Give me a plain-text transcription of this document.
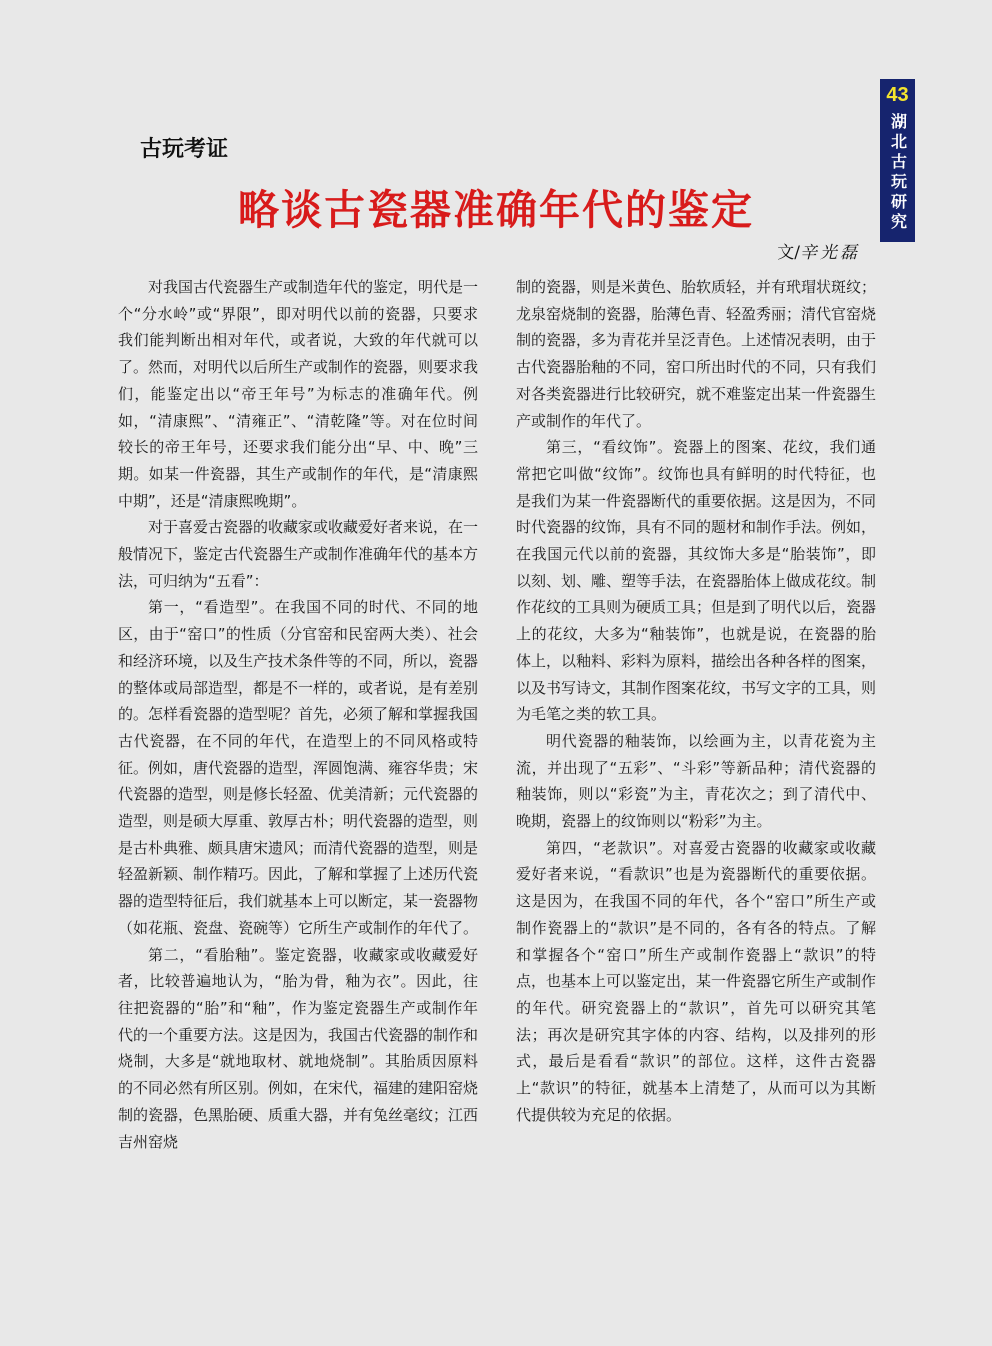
43
湖北古玩研究
古玩考证
略谈古瓷器准确年代的鉴定
文/辛光磊

对我国古代瓷器生产或制造年代的鉴定，明代是一个“分水岭”或“界限”，即对明代以前的瓷器，只要求我们能判断出相对年代，或者说，大致的年代就可以了。然而，对明代以后所生产或制作的瓷器，则要求我们，能鉴定出以“帝王年号”为标志的准确年代。例如，“清康熙”、“清雍正”、“清乾隆”等。对在位时间较长的帝王年号，还要求我们能分出“早、中、晚”三期。如某一件瓷器，其生产或制作的年代，是“清康熙中期”，还是“清康熙晚期”。

对于喜爱古瓷器的收藏家或收藏爱好者来说，在一般情况下，鉴定古代瓷器生产或制作准确年代的基本方法，可归纳为“五看”：

第一，“看造型”。在我国不同的时代、不同的地区，由于“窑口”的性质（分官窑和民窑两大类）、社会和经济环境，以及生产技术条件等的不同，所以，瓷器的整体或局部造型，都是不一样的，或者说，是有差别的。怎样看瓷器的造型呢？首先，必须了解和掌握我国古代瓷器，在不同的年代，在造型上的不同风格或特征。例如，唐代瓷器的造型，浑圆饱满、雍容华贵；宋代瓷器的造型，则是修长轻盈、优美清新；元代瓷器的造型，则是硕大厚重、敦厚古朴；明代瓷器的造型，则是古朴典雅、颇具唐宋遗风；而清代瓷器的造型，则是轻盈新颖、制作精巧。因此，了解和掌握了上述历代瓷器的造型特征后，我们就基本上可以断定，某一瓷器物（如花瓶、瓷盘、瓷碗等）它所生产或制作的年代了。

第二，“看胎釉”。鉴定瓷器，收藏家或收藏爱好者，比较普遍地认为，“胎为骨，釉为衣”。因此，往往把瓷器的“胎”和“釉”，作为鉴定瓷器生产或制作年代的一个重要方法。这是因为，我国古代瓷器的制作和烧制，大多是“就地取材、就地烧制”。其胎质因原料的不同必然有所区别。例如，在宋代，福建的建阳窑烧制的瓷器，色黑胎硬、质重大器，并有兔丝毫纹；江西吉州窑烧

制的瓷器，则是米黄色、胎软质轻，并有玳瑁状斑纹；龙泉窑烧制的瓷器，胎薄色青、轻盈秀丽；清代官窑烧制的瓷器，多为青花并呈泛青色。上述情况表明，由于古代瓷器胎釉的不同，窑口所出时代的不同，只有我们对各类瓷器进行比较研究，就不难鉴定出某一件瓷器生产或制作的年代了。

第三，“看纹饰”。瓷器上的图案、花纹，我们通常把它叫做“纹饰”。纹饰也具有鲜明的时代特征，也是我们为某一件瓷器断代的重要依据。这是因为，不同时代瓷器的纹饰，具有不同的题材和制作手法。例如，在我国元代以前的瓷器，其纹饰大多是“胎装饰”，即以刻、划、雕、塑等手法，在瓷器胎体上做成花纹。制作花纹的工具则为硬质工具；但是到了明代以后，瓷器上的花纹，大多为“釉装饰”，也就是说，在瓷器的胎体上，以釉料、彩料为原料，描绘出各种各样的图案，以及书写诗文，其制作图案花纹，书写文字的工具，则为毛笔之类的软工具。

明代瓷器的釉装饰，以绘画为主，以青花瓷为主流，并出现了“五彩”、“斗彩”等新品种；清代瓷器的釉装饰，则以“彩瓷”为主，青花次之；到了清代中、晚期，瓷器上的纹饰则以“粉彩”为主。

第四，“老款识”。对喜爱古瓷器的收藏家或收藏爱好者来说，“看款识”也是为瓷器断代的重要依据。这是因为，在我国不同的年代，各个“窑口”所生产或制作瓷器上的“款识”是不同的，各有各的特点。了解和掌握各个“窑口”所生产或制作瓷器上“款识”的特点，也基本上可以鉴定出，某一件瓷器它所生产或制作的年代。研究瓷器上的“款识”，首先可以研究其笔法；再次是研究其字体的内容、结构，以及排列的形式，最后是看看“款识”的部位。这样，这件古瓷器上“款识”的特征，就基本上清楚了，从而可以为其断代提供较为充足的依据。
